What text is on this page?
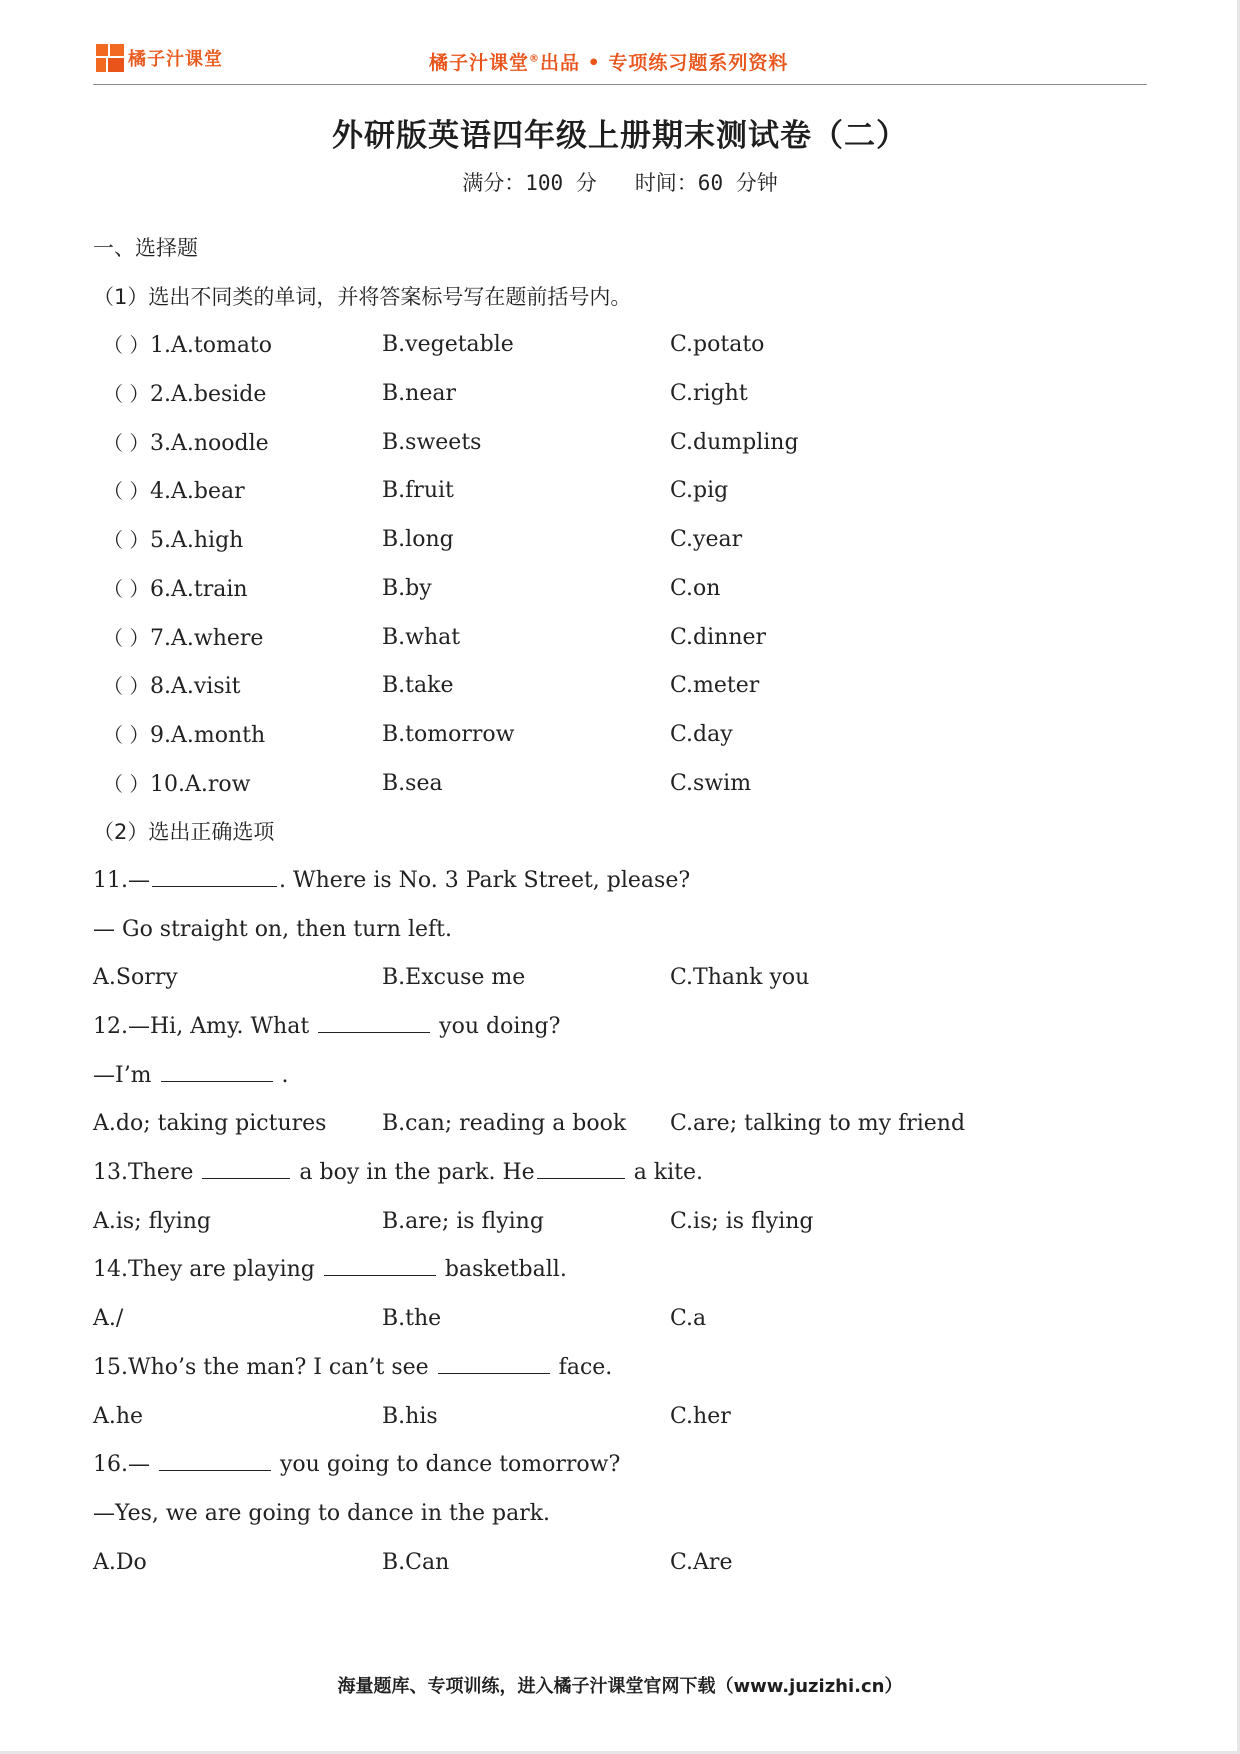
橘子汁课堂	橘子汁课堂®出品 • 专项练习题系列资料
外研版英语四年级上册期末测试卷（二）
满分：100 分 时间：60 分钟
一、选择题
（1）选出不同类的单词，并将答案标号写在题前括号内。
（ ）1.A.tomato	B.vegetable	C.potato
（ ）2.A.beside	B.near	C.right
（ ）3.A.noodle	B.sweets	C.dumpling
（ ）4.A.bear	B.fruit	C.pig
（ ）5.A.high	B.long	C.year
（ ）6.A.train	B.by	C.on
（ ）7.A.where	B.what	C.dinner
（ ）8.A.visit	B.take	C.meter
（ ）9.A.month	B.tomorrow	C.day
（ ）10.A.row	B.sea	C.swim
（2）选出正确选项
11.—	. Where is No. 3 Park Street, please?
— Go straight on, then turn left.
A.Sorry	B.Excuse me	C.Thank you
12.—Hi, Amy. What	you doing?
—I’m	.
A.do; taking pictures	B.can; reading a book C.are; talking to my friend
13.There	a boy in the park. He	a kite.
A.is; flying	B.are; is flying	C.is; is flying
14.They are playing	basketball.
A./	B.the	C.a
15.Who’s the man? I can’t see	face.
A.he	B.his	C.her
16.—	you going to dance tomorrow?
—Yes, we are going to dance in the park.
A.Do	B.Can	C.Are
海量题库、专项训练，进入橘子汁课堂官网下载（www.juzizhi.cn）
